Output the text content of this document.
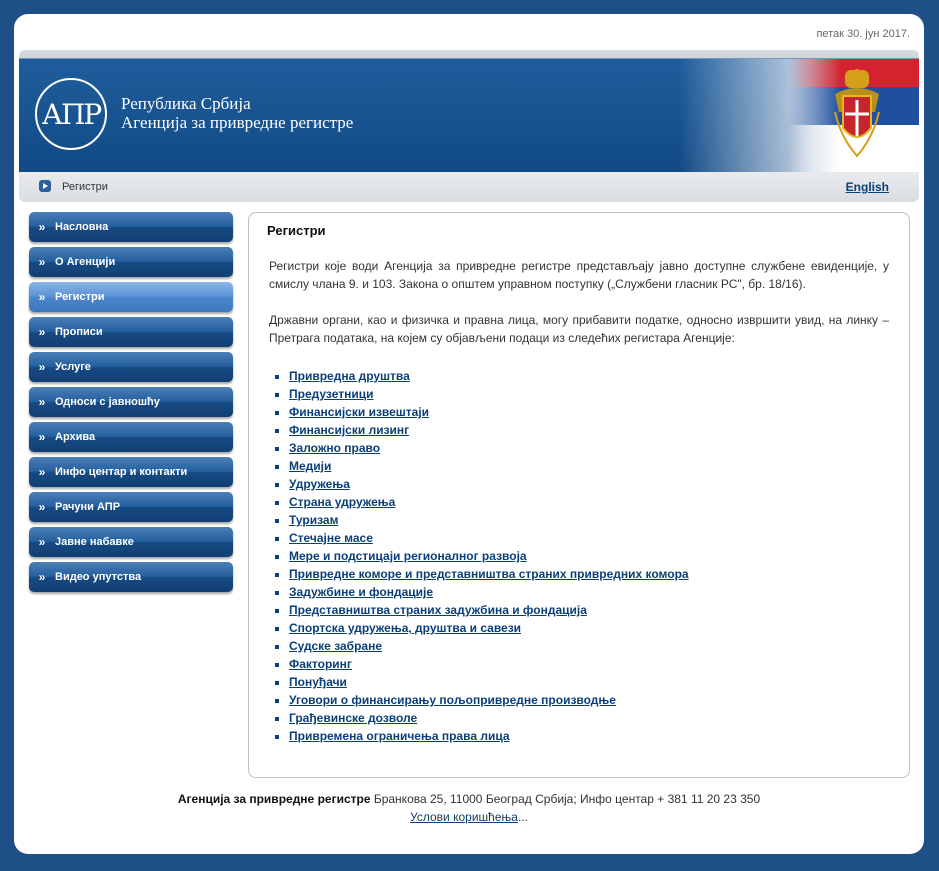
петак 30. јун 2017.
АПР Република Србија
Агенција за привредне регистре
Регистри	English
» Насловна
» О Агенцији
» Регистри
» Прописи
» Услуге
» Односи с јавношћу
» Архива
» Инфо центар и контакти
» Рачуни АПР
» Јавне набавке
» Видео упутства
Регистри

Регистри које води Агенција за привредне регистре представљају јавно доступне службене евиденције, у смислу члана 9. и 103. Закона о општем управном поступку („Службени гласник РС", бр. 18/16).

Државни органи, као и физичка и правна лица, могу прибавити податке, односно извршити увид, на линку – Претрага података, на којем су објављени подаци из следећих регистара Агенције:

▪ Привредна друштва
▪ Предузетници
▪ Финансијски извештаји
▪ Финансијски лизинг
▪ Заложно право
▪ Медији
▪ Удружења
▪ Страна удружења
▪ Туризам
▪ Стечајне масе
▪ Мере и подстицаји регионалног развоја
▪ Привредне коморе и представништва страних привредних комора
▪ Задужбине и фондације
▪ Представништва страних задужбина и фондација
▪ Спортска удружења, друштва и савези
▪ Судске забране
▪ Факторинг
▪ Понуђачи
▪ Уговори о финансирању пољопривредне производње
▪ Грађевинске дозволе
▪ Привремена ограничења права лица
Агенција за привредне регистре Бранкова 25, 11000 Београд Србија; Инфо центар + 381 11 20 23 350
Услови коришћења...
